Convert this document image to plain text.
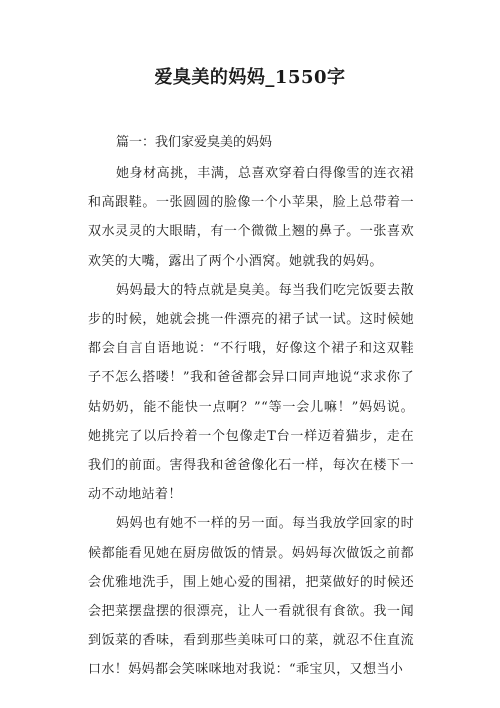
爱臭美的妈妈_1550字
篇一：我们家爱臭美的妈妈

她身材高挑，丰满，总喜欢穿着白得像雪的连衣裙和高跟鞋。一张圆圆的脸像一个小苹果，脸上总带着一双水灵灵的大眼睛，有一个微微上翘的鼻子。一张喜欢欢笑的大嘴，露出了两个小酒窝。她就我的妈妈。

妈妈最大的特点就是臭美。每当我们吃完饭要去散步的时候，她就会挑一件漂亮的裙子试一试。这时候她都会自言自语地说：“不行哦，好像这个裙子和这双鞋子不怎么搭喽！”我和爸爸都会异口同声地说“求求你了姑奶奶，能不能快一点啊？”“等一会儿嘛！”妈妈说。她挑完了以后拎着一个包像走T台一样迈着猫步，走在我们的前面。害得我和爸爸像化石一样，每次在楼下一动不动地站着！

妈妈也有她不一样的另一面。每当我放学回家的时候都能看见她在厨房做饭的情景。妈妈每次做饭之前都会优雅地洗手，围上她心爱的围裙，把菜做好的时候还会把菜摆盘摆的很漂亮，让人一看就很有食欲。我一闻到饭菜的香味，看到那些美味可口的菜，就忍不住直流口水！妈妈都会笑咪咪地对我说：“乖宝贝，又想当小
